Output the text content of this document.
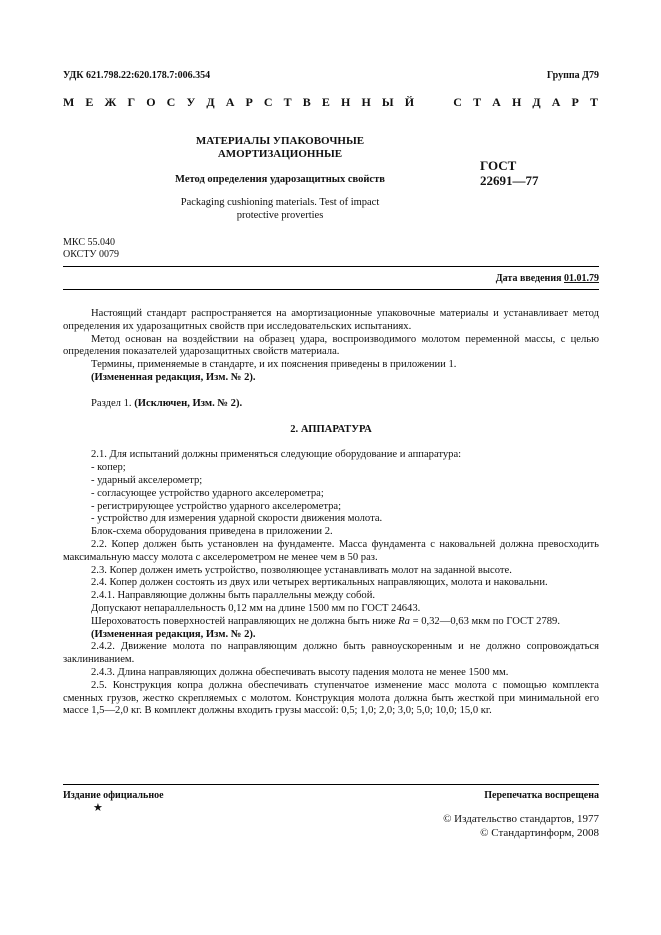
УДК 621.798.22:620.178.7:006.354	Группа Д79
М Е Ж Г О С У Д А Р С Т В Е Н Н Ы Й	С Т А Н Д А Р Т
МАТЕРИАЛЫ УПАКОВОЧНЫЕ
АМОРТИЗАЦИОННЫЕ
Метод определения ударозащитных свойств
Packaging cushioning materials. Test of impact
protective proverties
ГОСТ
22691—77
МКС 55.040
ОКСТУ 0079
Дата введения 01.01.79

Настоящий стандарт распространяется на амортизационные упаковочные материалы и устанавливает метод определения их ударозащитных свойств при исследовательских испытаниях.

Метод основан на воздействии на образец удара, воспроизводимого молотом переменной массы, с целью определения показателей ударозащитных свойств материала.

Термины, применяемые в стандарте, и их пояснения приведены в приложении 1.

(Измененная редакция, Изм. № 2).

Раздел 1. (Исключен, Изм. № 2).

2. АППАРАТУРА

2.1. Для испытаний должны применяться следующие оборудование и аппаратура:

- копер;

- ударный акселерометр;

- согласующее устройство ударного акселерометра;

- регистрирующее устройство ударного акселерометра;

- устройство для измерения ударной скорости движения молота.

Блок-схема оборудования приведена в приложении 2.

2.2. Копер должен быть установлен на фундаменте. Масса фундамента с наковальней должна превосходить максимальную массу молота с акселерометром не менее чем в 50 раз.

2.3. Копер должен иметь устройство, позволяющее устанавливать молот на заданной высоте.

2.4. Копер должен состоять из двух или четырех вертикальных направляющих, молота и наковальни.

2.4.1. Направляющие должны быть параллельны между собой.

Допускают непараллельность 0,12 мм на длине 1500 мм по ГОСТ 24643.

Шероховатость поверхностей направляющих не должна быть ниже Ra = 0,32—0,63 мкм по ГОСТ 2789.

(Измененная редакция, Изм. № 2).

2.4.2. Движение молота по направляющим должно быть равноускоренным и не должно сопровождаться заклиниванием.

2.4.3. Длина направляющих должна обеспечивать высоту падения молота не менее 1500 мм.

2.5. Конструкция копра должна обеспечивать ступенчатое изменение масс молота с помощью комплекта сменных грузов, жестко скрепляемых с молотом. Конструкция молота должна быть жесткой при минимальной его массе 1,5—2,0 кг. В комплект должны входить грузы массой: 0,5; 1,0; 2,0; 3,0; 5,0; 10,0; 15,0 кг.

Издание официальное
★
Перепечатка воспрещена
© Издательство стандартов, 1977
© Стандартинформ, 2008
